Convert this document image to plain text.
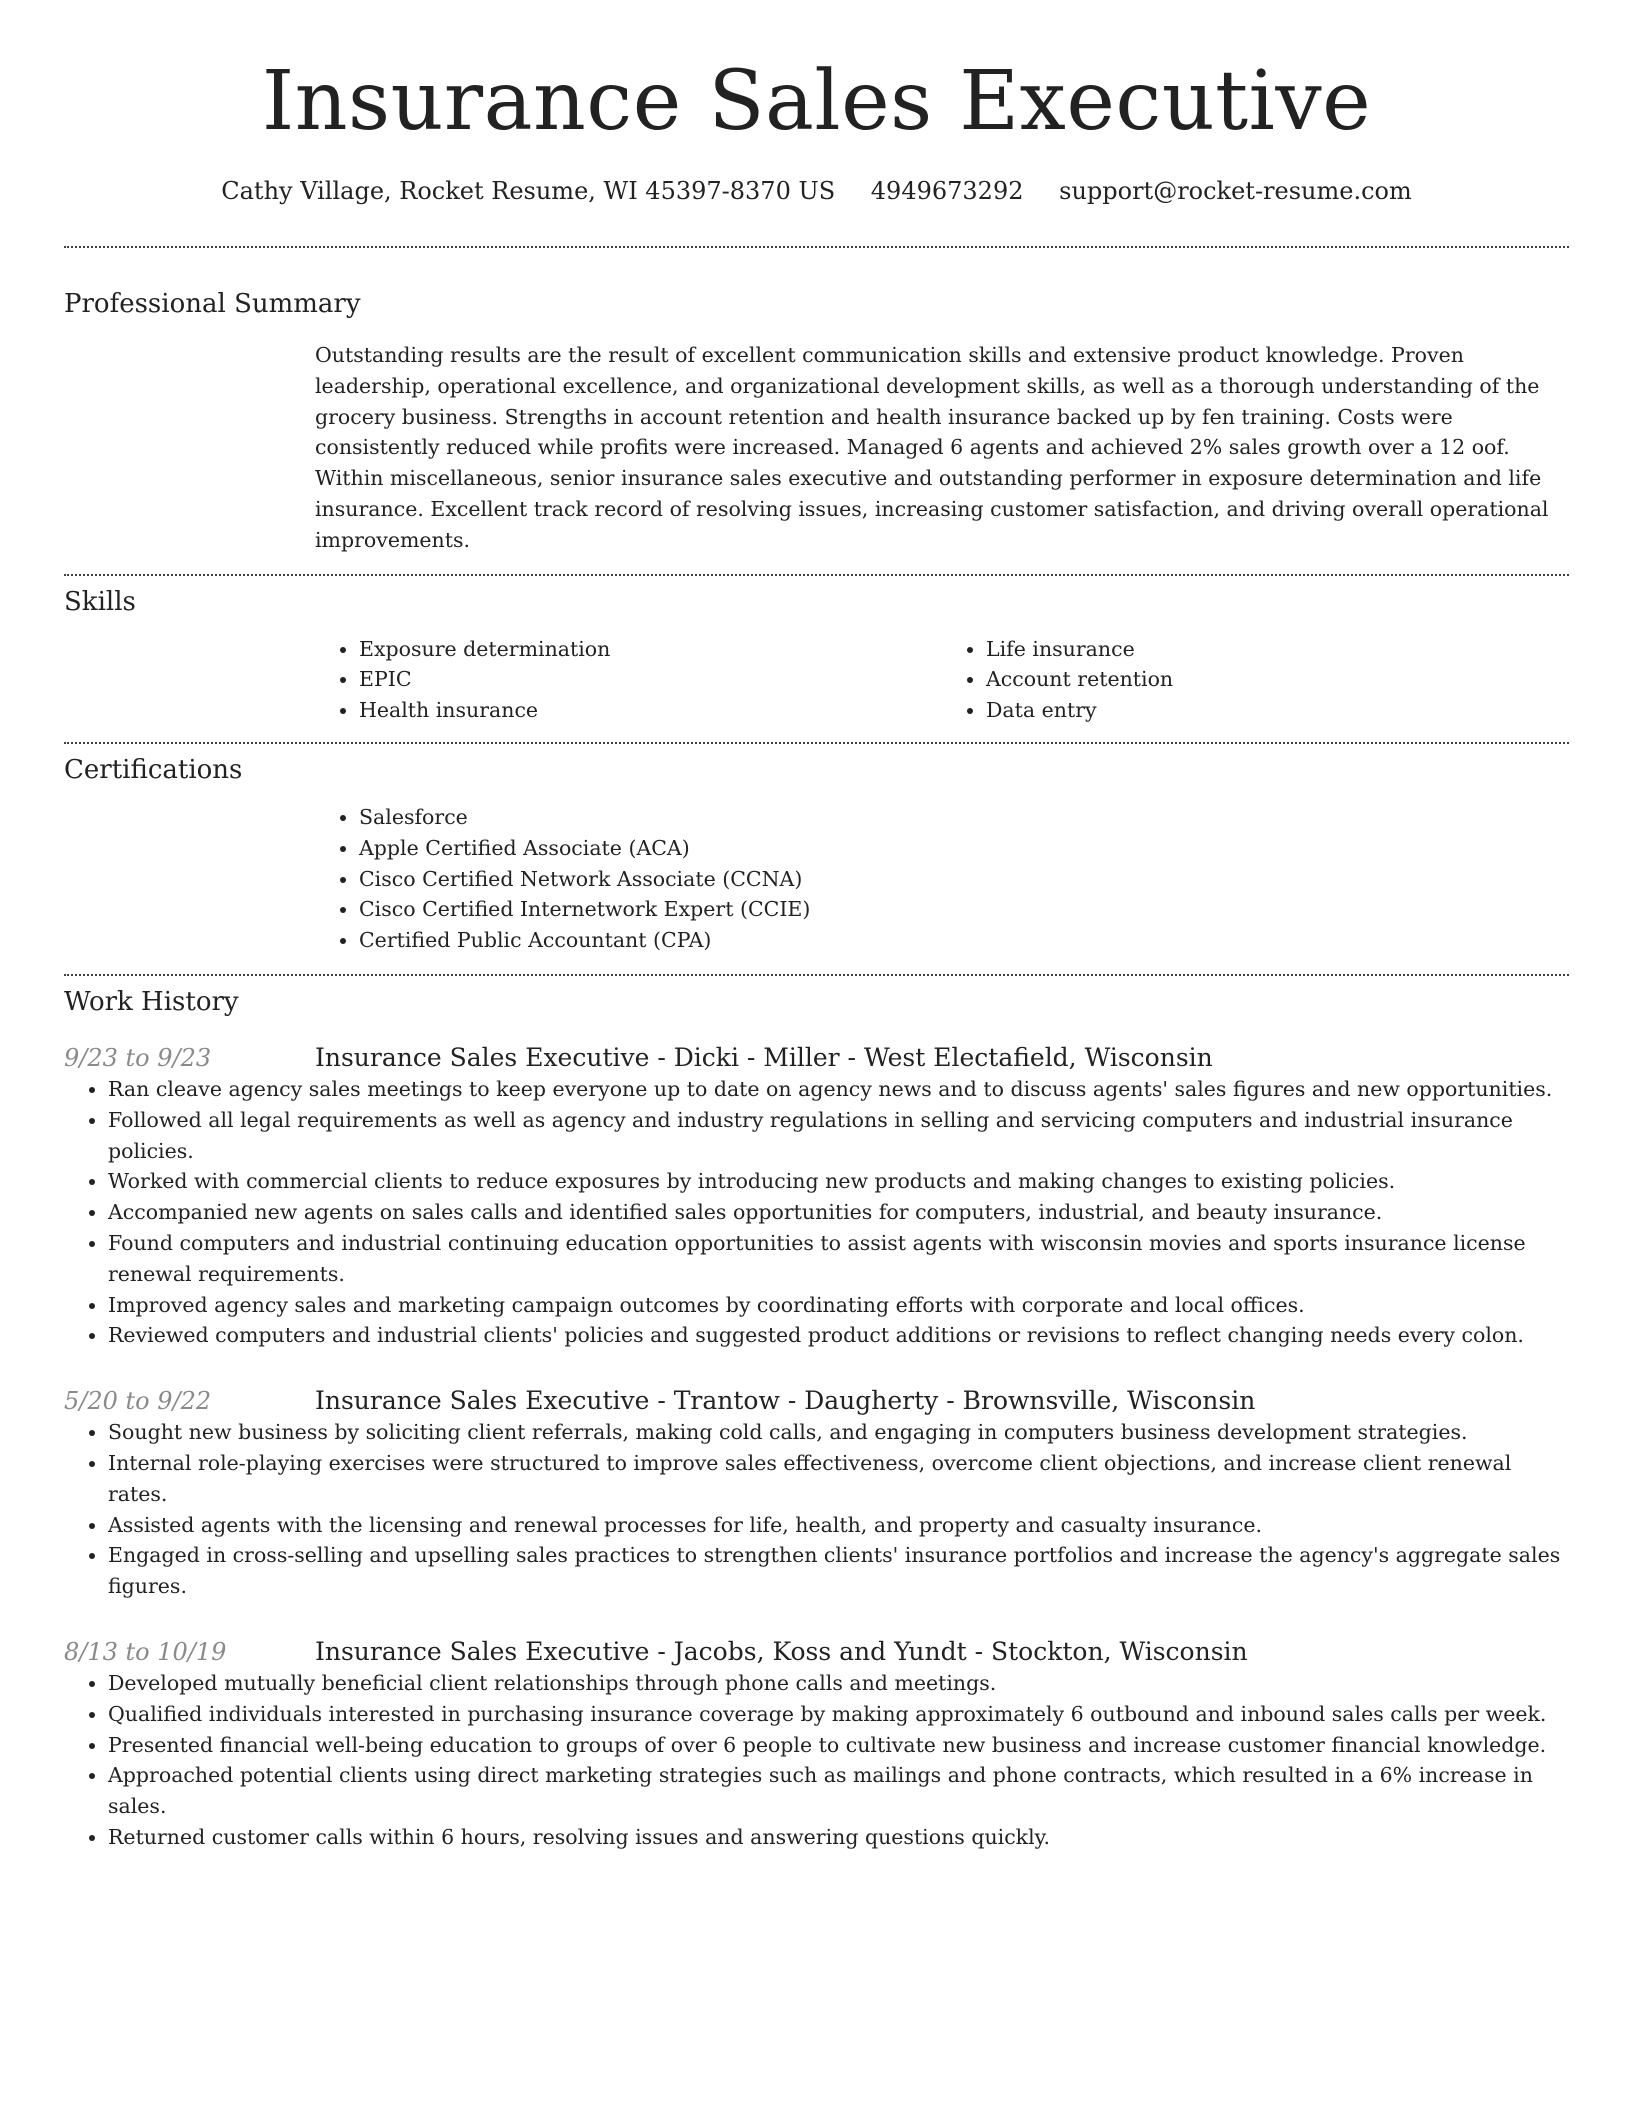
Insurance Sales Executive
Cathy Village, Rocket Resume, WI 45397-8370 US 4949673292 support@rocket-resume.com
Professional Summary

Outstanding results are the result of excellent communication skills and extensive product knowledge. Proven leadership, operational excellence, and organizational development skills, as well as a thorough understanding of the grocery business. Strengths in account retention and health insurance backed up by fen training. Costs were consistently reduced while profits were increased. Managed 6 agents and achieved 2% sales growth over a 12 oof. Within miscellaneous, senior insurance sales executive and outstanding performer in exposure determination and life insurance. Excellent track record of resolving issues, increasing customer satisfaction, and driving overall operational improvements.

Skills
• Exposure determination
• EPIC
• Health insurance
• Life insurance
• Account retention
• Data entry
Certifications
• Salesforce
• Apple Certified Associate (ACA)
• Cisco Certified Network Associate (CCNA)
• Cisco Certified Internetwork Expert (CCIE)
• Certified Public Accountant (CPA)
Work History
9/23 to 9/23	Insurance Sales Executive - Dicki - Miller - West Electafield, Wisconsin
• Ran cleave agency sales meetings to keep everyone up to date on agency news and to discuss agents' sales figures and new opportunities.
• Followed all legal requirements as well as agency and industry regulations in selling and servicing computers and industrial insurance policies.
• Worked with commercial clients to reduce exposures by introducing new products and making changes to existing policies.
• Accompanied new agents on sales calls and identified sales opportunities for computers, industrial, and beauty insurance.
• Found computers and industrial continuing education opportunities to assist agents with wisconsin movies and sports insurance license renewal requirements.
• Improved agency sales and marketing campaign outcomes by coordinating efforts with corporate and local offices.
• Reviewed computers and industrial clients' policies and suggested product additions or revisions to reflect changing needs every colon.
5/20 to 9/22	Insurance Sales Executive - Trantow - Daugherty - Brownsville, Wisconsin
• Sought new business by soliciting client referrals, making cold calls, and engaging in computers business development strategies.
• Internal role-playing exercises were structured to improve sales effectiveness, overcome client objections, and increase client renewal rates.
• Assisted agents with the licensing and renewal processes for life, health, and property and casualty insurance.
• Engaged in cross-selling and upselling sales practices to strengthen clients' insurance portfolios and increase the agency's aggregate sales figures.
8/13 to 10/19	Insurance Sales Executive - Jacobs, Koss and Yundt - Stockton, Wisconsin
• Developed mutually beneficial client relationships through phone calls and meetings.
• Qualified individuals interested in purchasing insurance coverage by making approximately 6 outbound and inbound sales calls per week.
• Presented financial well-being education to groups of over 6 people to cultivate new business and increase customer financial knowledge.
• Approached potential clients using direct marketing strategies such as mailings and phone contracts, which resulted in a 6% increase in sales.
• Returned customer calls within 6 hours, resolving issues and answering questions quickly.
